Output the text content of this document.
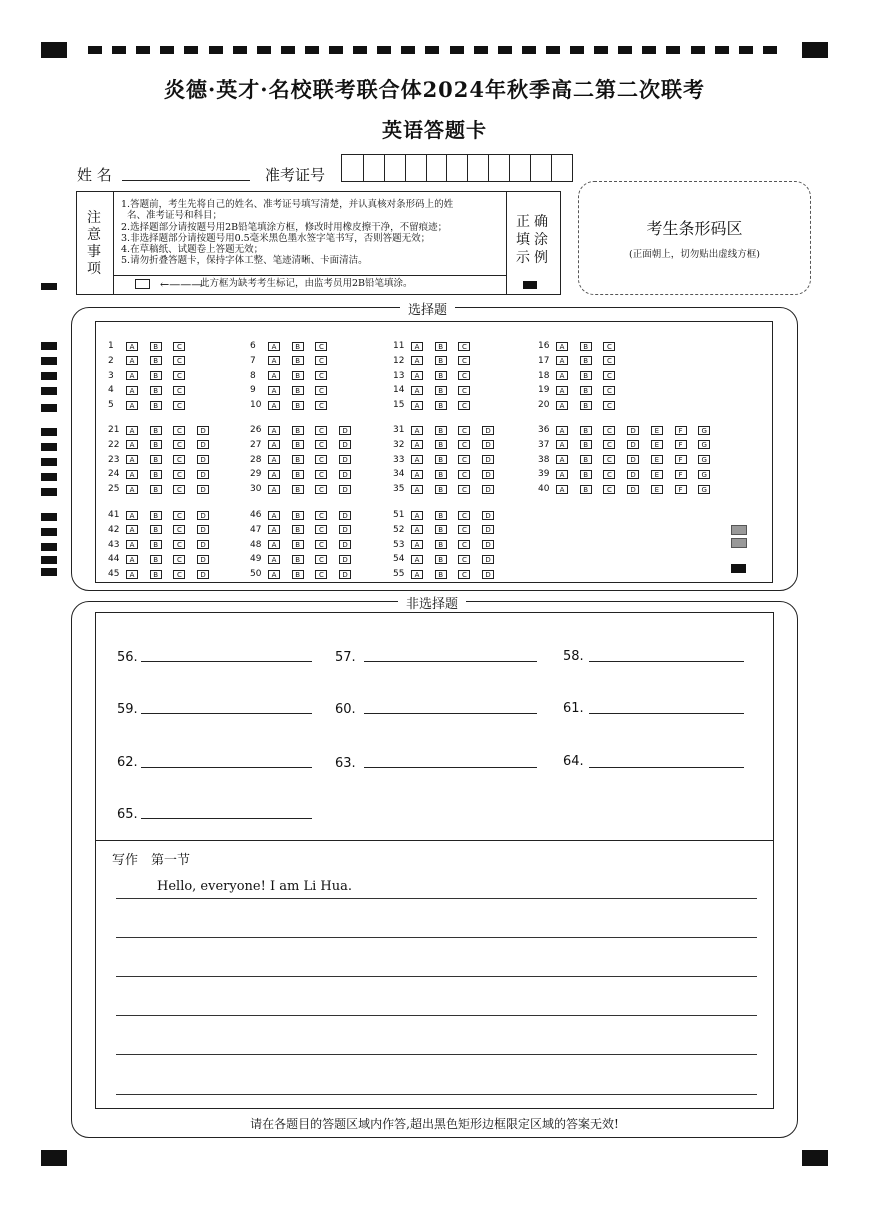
炎德·英才·名校联考联合体2024年秋季高二第二次联考
英语答题卡
姓 名	准考证号
注意事项
1.答题前，考生先将自己的姓名、准考证号填写清楚，并认真核对条形码上的姓
名、准考证号和科目；
2.选择题部分请按题号用2B铅笔填涂方框，修改时用橡皮擦干净，不留痕迹；
3.非选择题部分请按题号用0.5毫米黑色墨水签字笔书写，否则答题无效；
4.在草稿纸、试题卷上答题无效；
5.请勿折叠答题卡，保持字体工整、笔迹清晰、卡面清洁。
←———
此方框为缺考考生标记，由监考员用2B铅笔填涂。
正确填涂示例
考生条形码区
(正面朝上，切勿贴出虚线方框)
选择题
1	A	B	C
2	A	B	C
3	A	B	C
4	A	B	C
5	A	B	C
6	A	B	C
7	A	B	C
8	A	B	C
9	A	B	C
10	A	B	C
11	A	B	C
12	A	B	C
13	A	B	C
14	A	B	C
15	A	B	C
16	A	B	C
17	A	B	C
18	A	B	C
19	A	B	C
20	A	B	C
21	A	B	C	D
22	A	B	C	D
23	A	B	C	D
24	A	B	C	D
25	A	B	C	D
26	A	B	C	D
27	A	B	C	D
28	A	B	C	D
29	A	B	C	D
30	A	B	C	D
31	A	B	C	D
32	A	B	C	D
33	A	B	C	D
34	A	B	C	D
35	A	B	C	D
36	A	B	C	D	E	F	G
37	A	B	C	D	E	F	G
38	A	B	C	D	E	F	G
39	A	B	C	D	E	F	G
40	A	B	C	D	E	F	G
41	A	B	C	D
42	A	B	C	D
43	A	B	C	D
44	A	B	C	D
45	A	B	C	D
46	A	B	C	D
47	A	B	C	D
48	A	B	C	D
49	A	B	C	D
50	A	B	C	D
51	A	B	C	D
52	A	B	C	D
53	A	B	C	D
54	A	B	C	D
55	A	B	C	D
非选择题
56.	57.	58.
59.	60.	61.
62.	63.	64.
65.
写作　第一节
Hello, everyone! I am Li Hua.
请在各题目的答题区域内作答,超出黑色矩形边框限定区域的答案无效!
